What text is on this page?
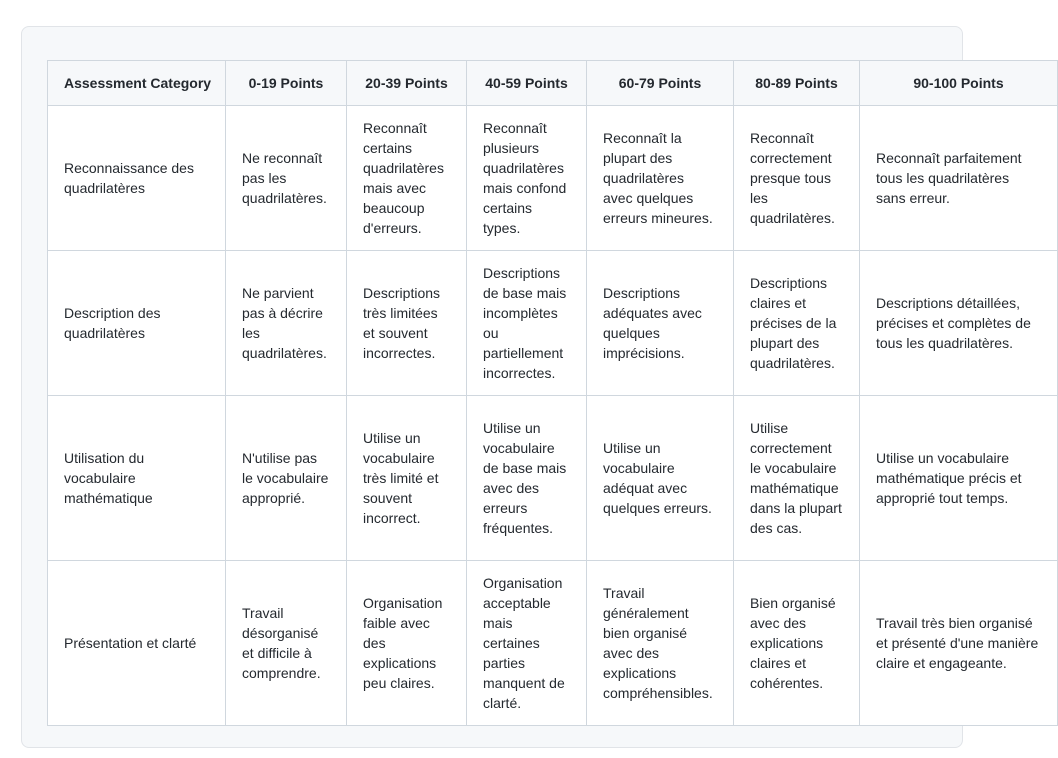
Assessment Category	0-19 Points	20-39 Points	40-59 Points	60-79 Points	80-89 Points	90-100 Points
Reconnaissance des quadrilatères	Ne reconnaît pas les quadrilatères.	Reconnaît certains quadrilatères mais avec beaucoup d'erreurs.	Reconnaît plusieurs quadrilatères mais confond certains types.	Reconnaît la plupart des quadrilatères avec quelques erreurs mineures.	Reconnaît correctement presque tous les quadrilatères.	Reconnaît parfaitement tous les quadrilatères sans erreur.
Description des quadrilatères	Ne parvient pas à décrire les quadrilatères.	Descriptions très limitées et souvent incorrectes.	Descriptions de base mais incomplètes ou partiellement incorrectes.	Descriptions adéquates avec quelques imprécisions.	Descriptions claires et précises de la plupart des quadrilatères.	Descriptions détaillées, précises et complètes de tous les quadrilatères.
Utilisation du vocabulaire mathématique	N'utilise pas le vocabulaire approprié.	Utilise un vocabulaire très limité et souvent incorrect.	Utilise un vocabulaire de base mais avec des erreurs fréquentes.	Utilise un vocabulaire adéquat avec quelques erreurs.	Utilise correctement le vocabulaire mathématique dans la plupart des cas.	Utilise un vocabulaire mathématique précis et approprié tout temps.
Présentation et clarté	Travail désorganisé et difficile à comprendre.	Organisation faible avec des explications peu claires.	Organisation acceptable mais certaines parties manquent de clarté.	Travail généralement bien organisé avec des explications compréhensibles.	Bien organisé avec des explications claires et cohérentes.	Travail très bien organisé et présenté d'une manière claire et engageante.
